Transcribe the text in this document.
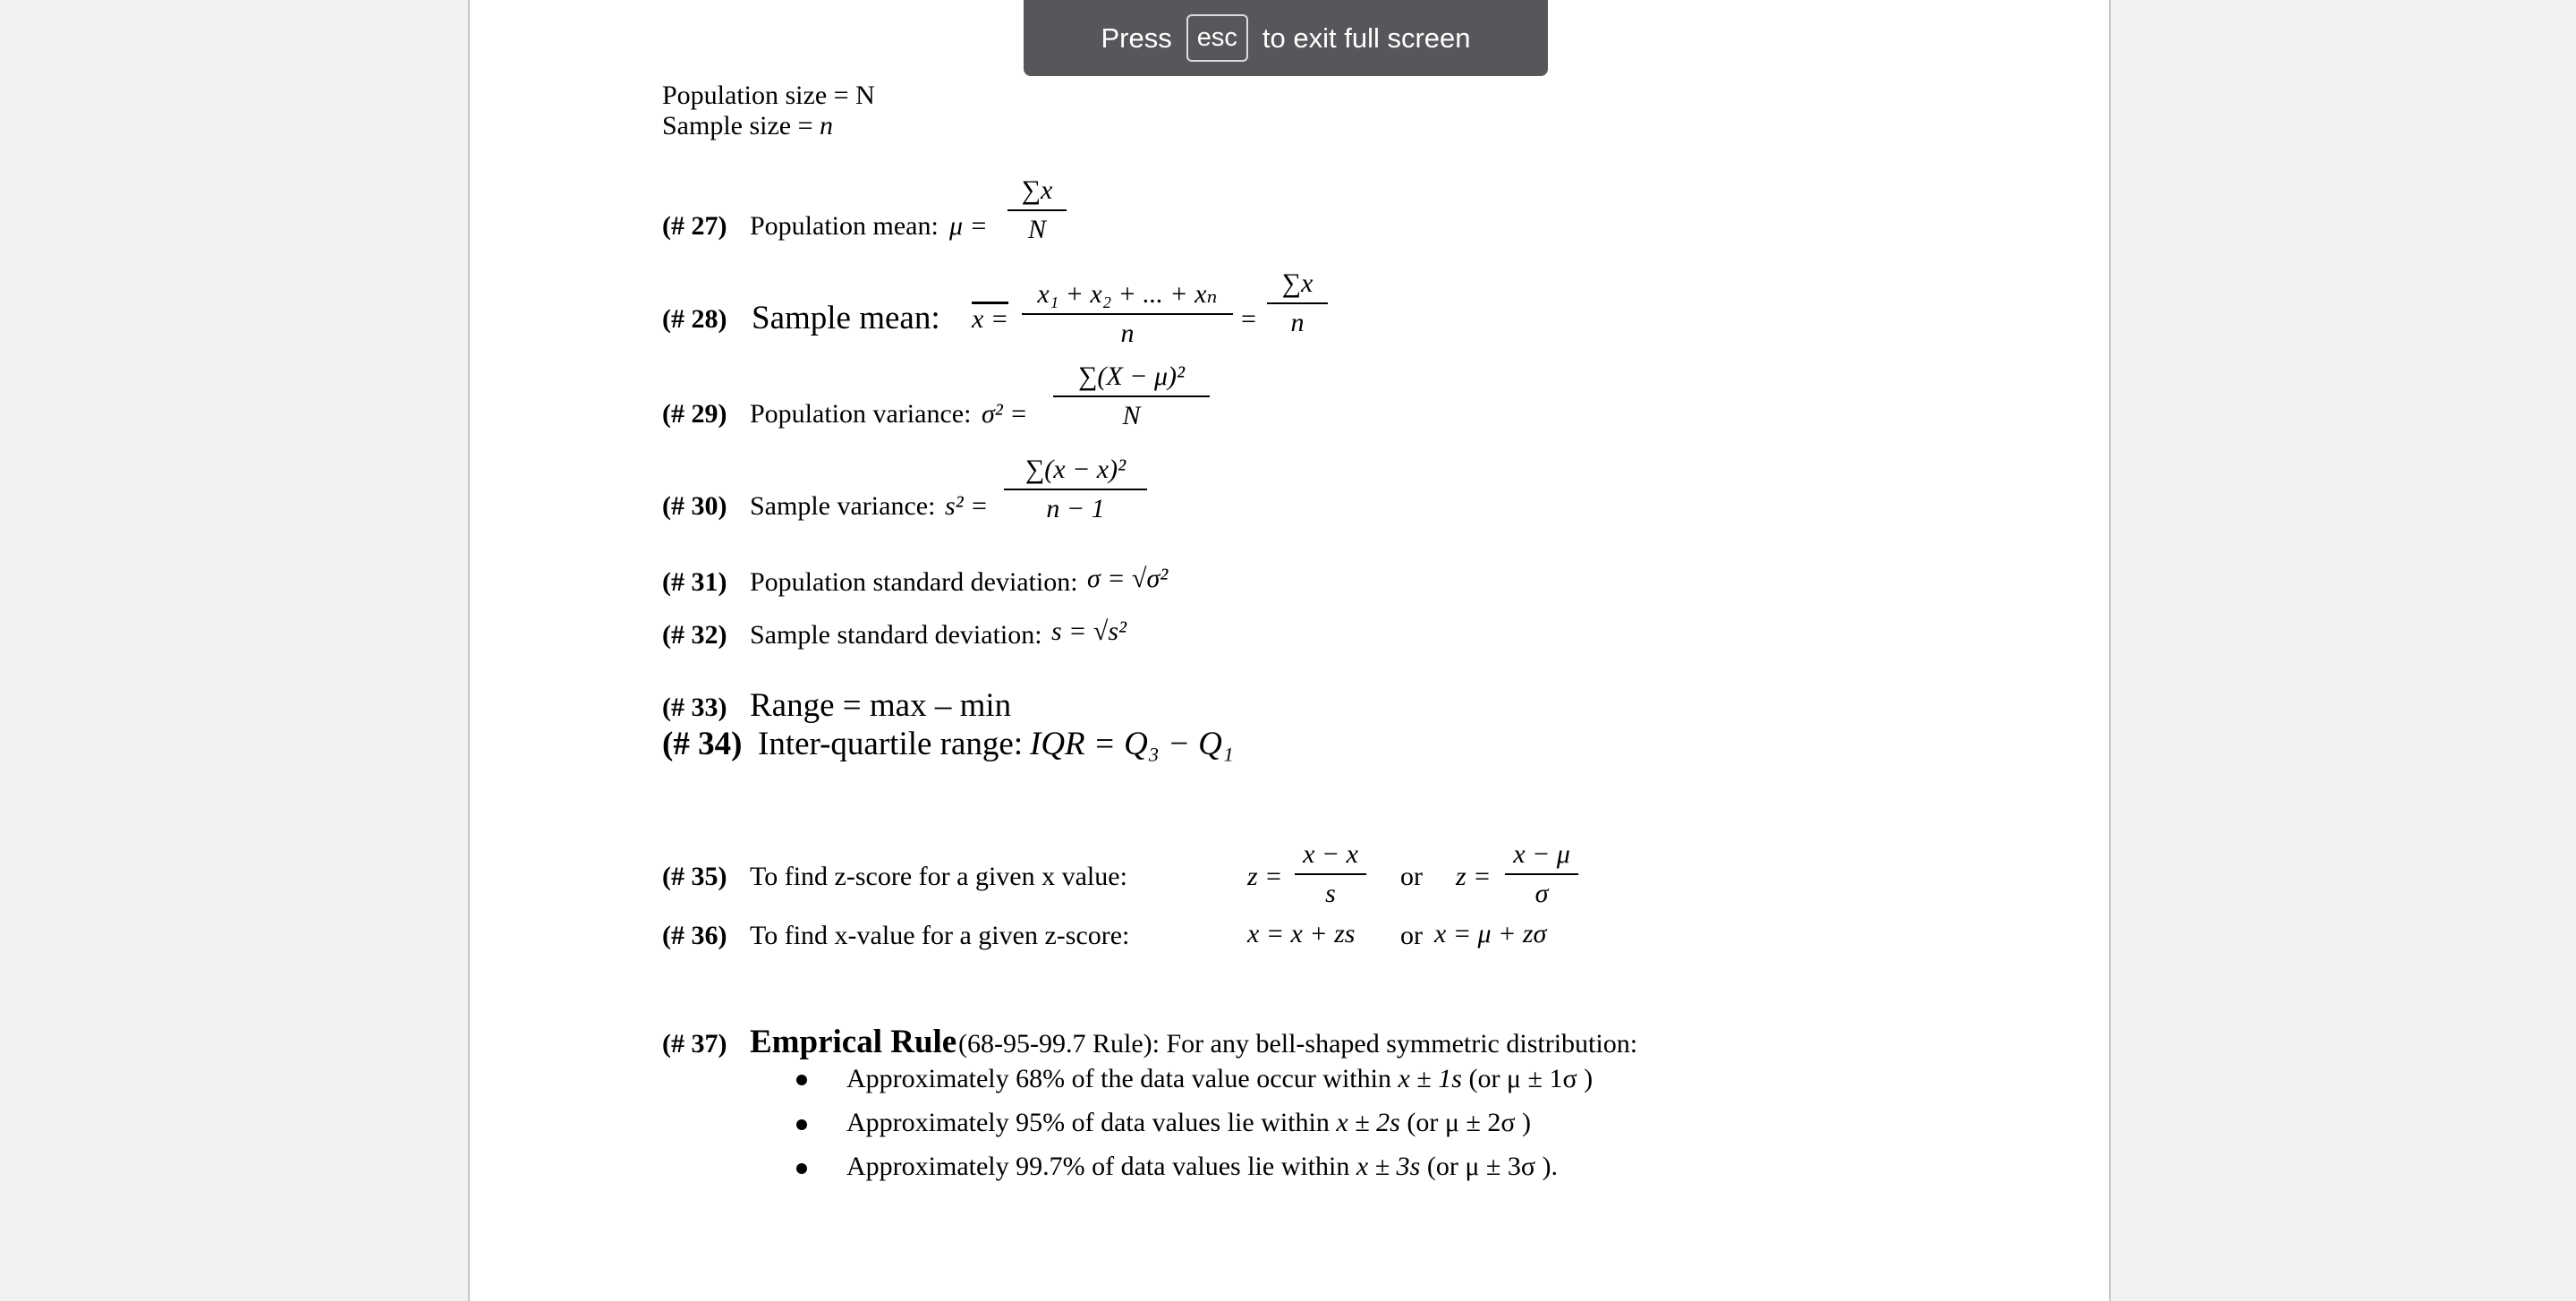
Population size = N
Sample size = n
(# 27) Population mean: μ =
∑x
N
(# 28) Sample mean: x =
x₁ + x₂ + ... + xₙ
n	=
∑x
n
(# 29) Population variance: σ² =
∑(X − μ)²
N
(# 30) Sample variance: s² =
∑(x − x)²
n − 1
(# 31) Population standard deviation: σ = √σ²
(# 32) Sample standard deviation: s = √s²
(# 33) Range = max – min
(# 34) Inter-quartile range: IQR = Q₃ − Q₁
(# 35) To find z-score for a given x value:	z =
x − x
s
or z =
x − μ
σ
(# 36) To find x-value for a given z-score:	x = x + zs or x = μ + zσ
(# 37) Emprical Rule (68-95-99.7 Rule): For any bell-shaped symmetric distribution:
Approximately 68% of the data value occur within x ± 1s (or μ ± 1σ )
Approximately 95% of data values lie within x ± 2s (or μ ± 2σ )
Approximately 99.7% of data values lie within x ± 3s (or μ ± 3σ ).
Press esc to exit full screen
